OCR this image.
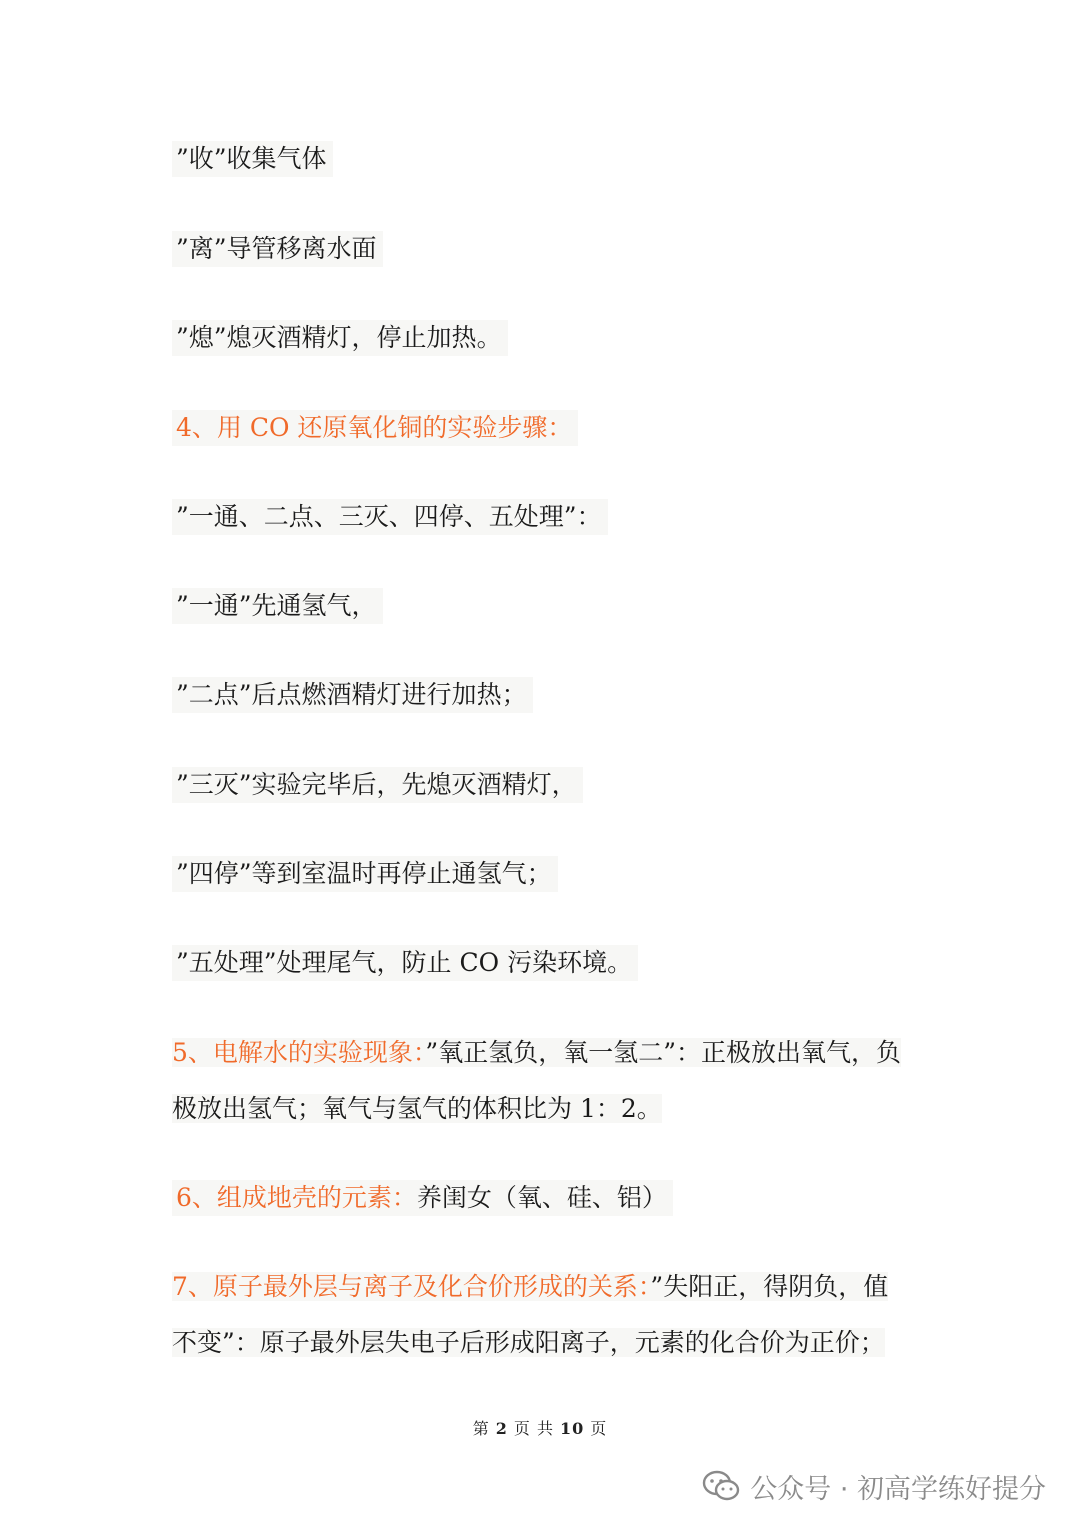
”收”收集气体
”离”导管移离水面
”熄”熄灭酒精灯，停止加热。
4、用 CO 还原氧化铜的实验步骤：
”一通、二点、三灭、四停、五处理”：
”一通”先通氢气，
”二点”后点燃酒精灯进行加热；
”三灭”实验完毕后，先熄灭酒精灯，
”四停”等到室温时再停止通氢气；
”五处理”处理尾气，防止 CO 污染环境。
5、电解水的实验现象：”氧正氢负，氧一氢二”：正极放出氧气，负极放出氢气；氧气与氢气的体积比为 1：2。
6、组成地壳的元素：养闺女（氧、硅、铝）
7、原子最外层与离子及化合价形成的关系：”失阳正，得阴负，值不变”：原子最外层失电子后形成阳离子，元素的化合价为正价；
第 2 页 共 10 页
公众号 · 初高学练好提分
